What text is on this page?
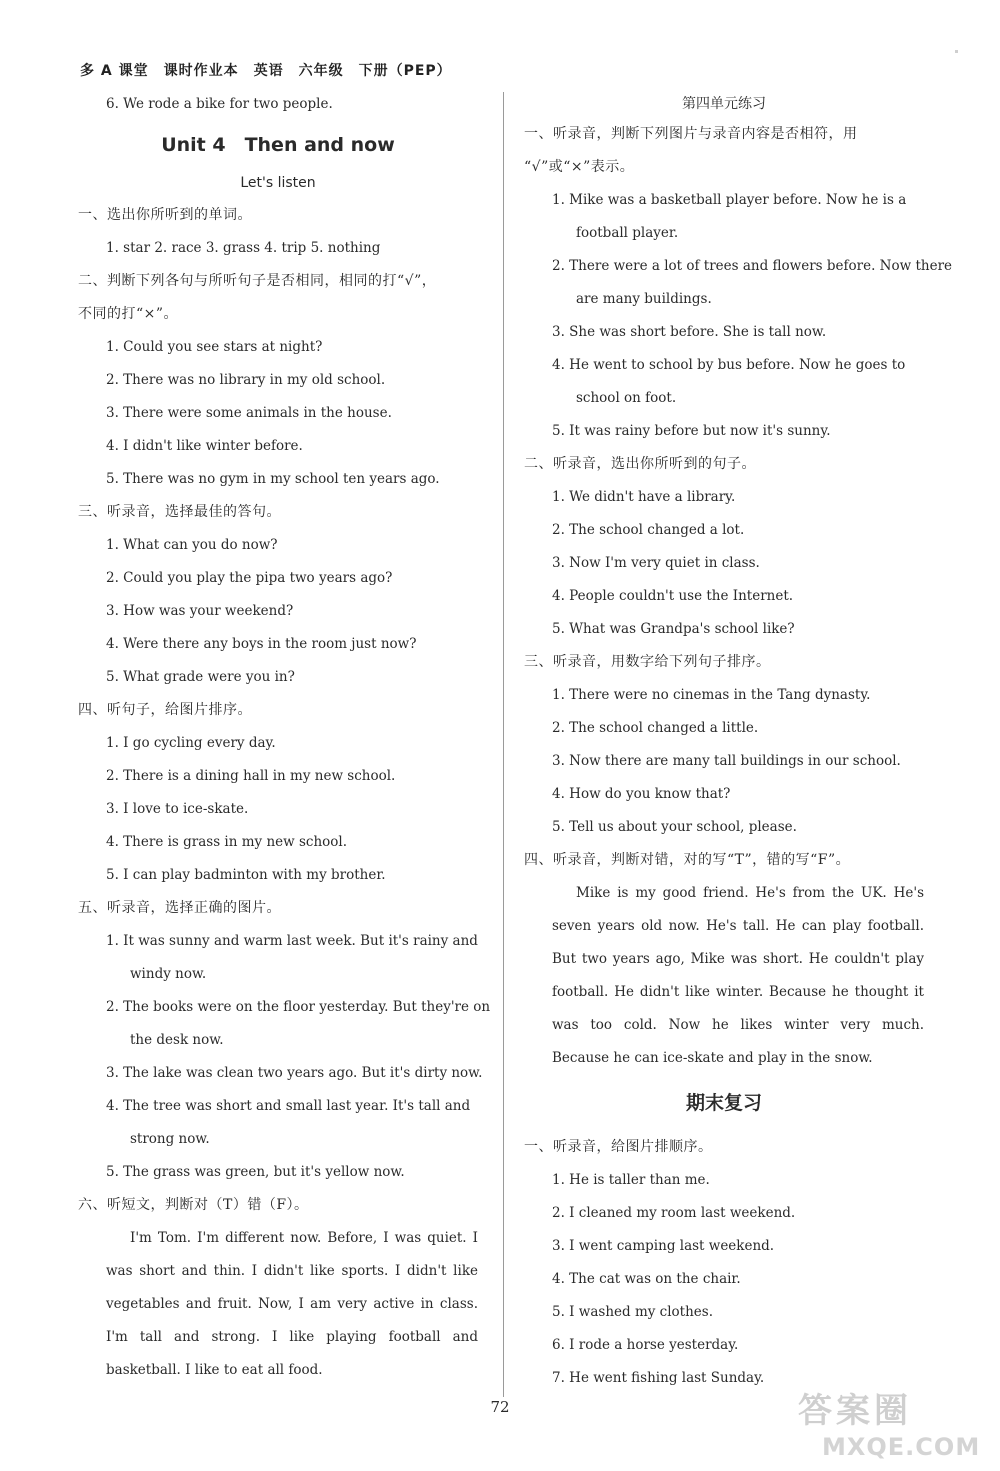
多 A 课堂　课时作业本　英语　六年级　下册（PEP）
6. We rode a bike for two people.
Unit 4　Then and now
Let's listen
一、选出你所听到的单词。
1. star 2. race 3. grass 4. trip 5. nothing
二、判断下列各句与所听句子是否相同，相同的打“√”，
不同的打“×”。
1. Could you see stars at night?
2. There was no library in my old school.
3. There were some animals in the house.
4. I didn't like winter before.
5. There was no gym in my school ten years ago.
三、听录音，选择最佳的答句。
1. What can you do now?
2. Could you play the pipa two years ago?
3. How was your weekend?
4. Were there any boys in the room just now?
5. What grade were you in?
四、听句子，给图片排序。
1. I go cycling every day.
2. There is a dining hall in my new school.
3. I love to ice-skate.
4. There is grass in my new school.
5. I can play badminton with my brother.
五、听录音，选择正确的图片。
1. It was sunny and warm last week. But it's rainy and
windy now.
2. The books were on the floor yesterday. But they're on
the desk now.
3. The lake was clean two years ago. But it's dirty now.
4. The tree was short and small last year. It's tall and
strong now.
5. The grass was green, but it's yellow now.
六、听短文，判断对（T）错（F）。
I'm Tom. I'm different now. Before, I was quiet. I was short and thin. I didn't like sports. I didn't like vegetables and fruit. Now, I am very active in class. I'm tall and strong. I like playing football and basketball. I like to eat all food.
第四单元练习
一、听录音，判断下列图片与录音内容是否相符，用
“√”或“×”表示。
1. Mike was a basketball player before. Now he is a
football player.
2. There were a lot of trees and flowers before. Now there
are many buildings.
3. She was short before. She is tall now.
4. He went to school by bus before. Now he goes to
school on foot.
5. It was rainy before but now it's sunny.
二、听录音，选出你所听到的句子。
1. We didn't have a library.
2. The school changed a lot.
3. Now I'm very quiet in class.
4. People couldn't use the Internet.
5. What was Grandpa's school like?
三、听录音，用数字给下列句子排序。
1. There were no cinemas in the Tang dynasty.
2. The school changed a little.
3. Now there are many tall buildings in our school.
4. How do you know that?
5. Tell us about your school, please.
四、听录音，判断对错，对的写“T”，错的写“F”。
Mike is my good friend. He's from the UK. He's seven years old now. He's tall. He can play football. But two years ago, Mike was short. He couldn't play football. He didn't like winter. Because he thought it was too cold. Now he likes winter very much. Because he can ice-skate and play in the snow.
期末复习
一、听录音，给图片排顺序。
1. He is taller than me.
2. I cleaned my room last weekend.
3. I went camping last weekend.
4. The cat was on the chair.
5. I washed my clothes.
6. I rode a horse yesterday.
7. He went fishing last Sunday.
72	答案圈
MXQE.COM
